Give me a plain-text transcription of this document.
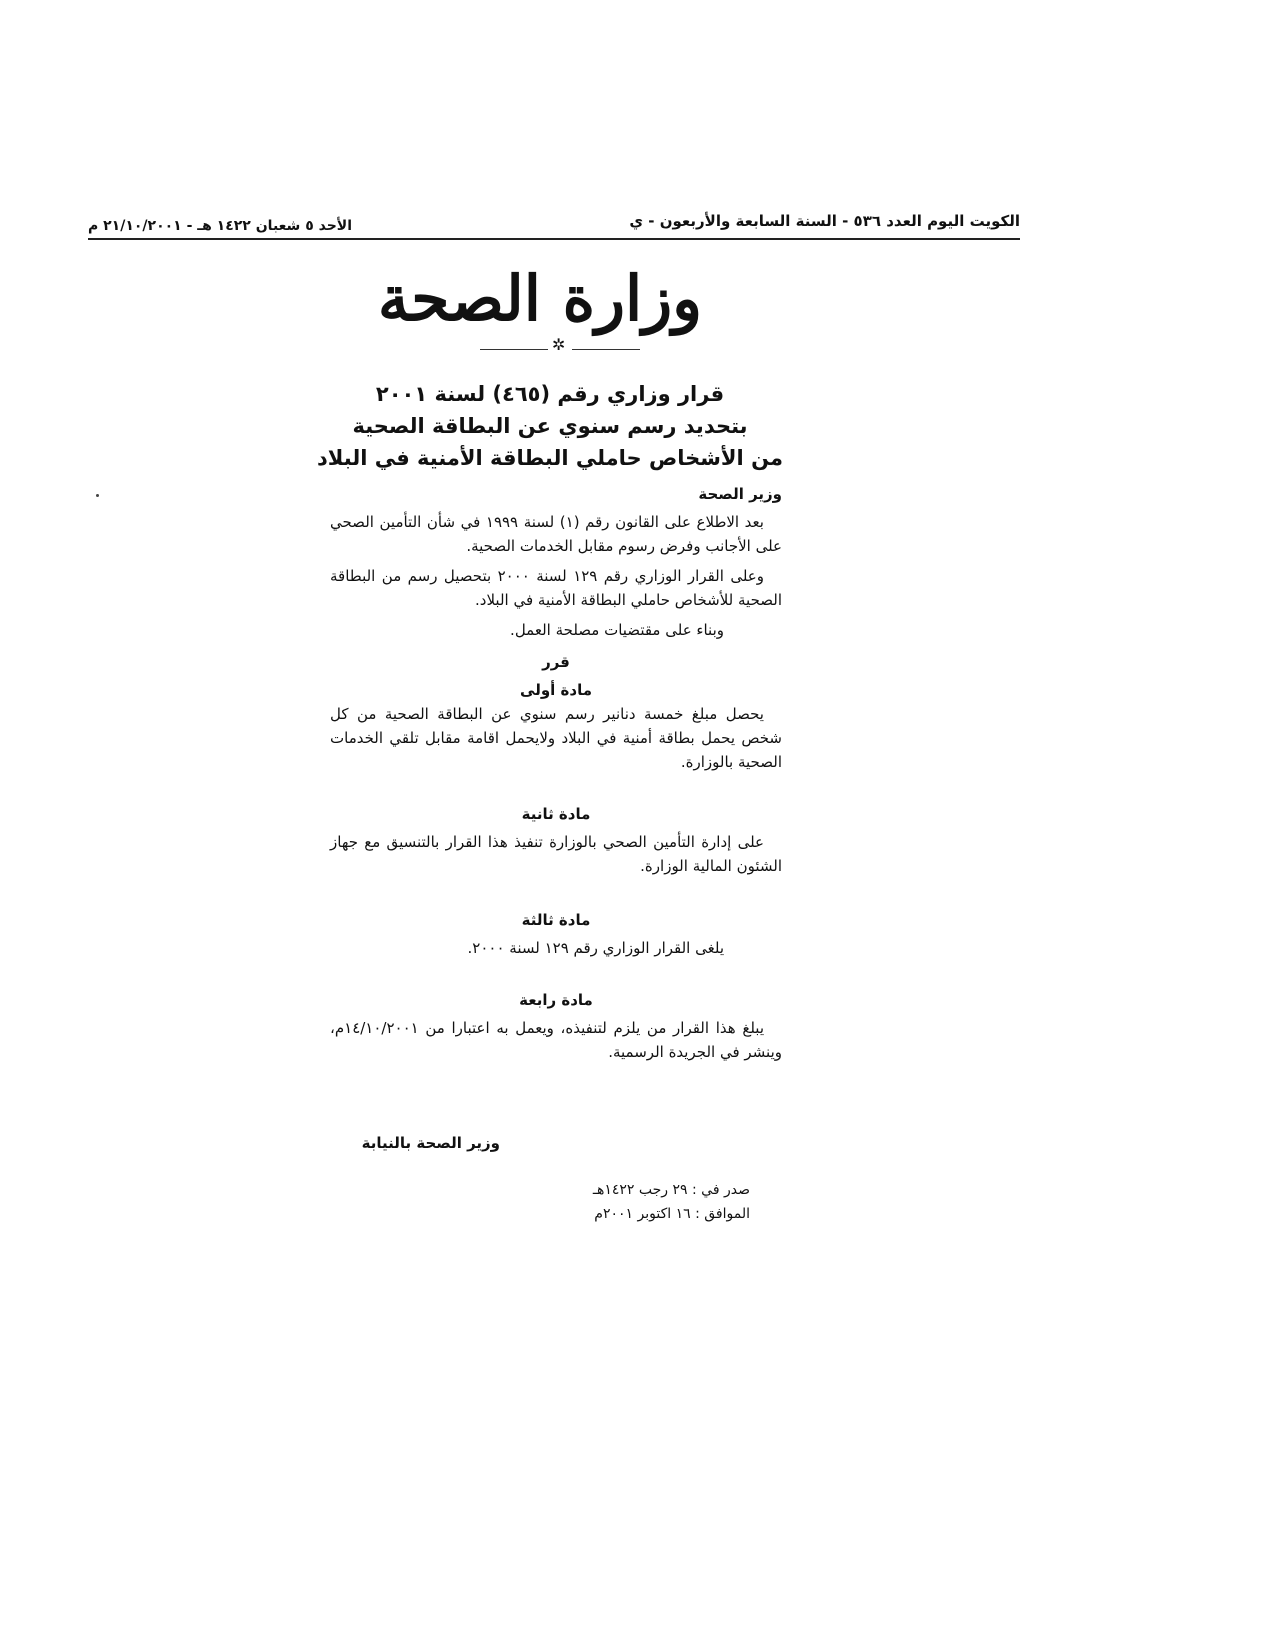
الكويت اليوم العدد ٥٣٦ - السنة السابعة والأربعون - ي
الأحد ٥ شعبان ١٤٢٢ هـ - ٢١/١٠/٢٠٠١ م
وزارة الصحة
✲
قرار وزاري رقم (٤٦٥) لسنة ٢٠٠١
بتحديد رسم سنوي عن البطاقة الصحية
من الأشخاص حاملي البطاقة الأمنية في البلاد
وزير الصحة
بعد الاطلاع على القانون رقم (١) لسنة ١٩٩٩ في شأن التأمين الصحي على الأجانب وفرض رسوم مقابل الخدمات الصحية.
وعلى القرار الوزاري رقم ١٢٩ لسنة ٢٠٠٠ بتحصيل رسم من البطاقة الصحية للأشخاص حاملي البطاقة الأمنية في البلاد.
وبناء على مقتضيات مصلحة العمل.
قرر
مادة أولى
يحصل مبلغ خمسة دنانير رسم سنوي عن البطاقة الصحية من كل شخص يحمل بطاقة أمنية في البلاد ولايحمل اقامة مقابل تلقي الخدمات الصحية بالوزارة.
مادة ثانية
على إدارة التأمين الصحي بالوزارة تنفيذ هذا القرار بالتنسيق مع جهاز الشئون المالية الوزارة.
مادة ثالثة
يلغى القرار الوزاري رقم ١٢٩ لسنة ٢٠٠٠.
مادة رابعة
يبلغ هذا القرار من يلزم لتنفيذه، ويعمل به اعتبارا من ١٤/١٠/٢٠٠١م، وينشر في الجريدة الرسمية.
وزير الصحة بالنيابة
صدر في : ٢٩ رجب ١٤٢٢هـ
الموافق : ١٦ اكتوبر ٢٠٠١م
